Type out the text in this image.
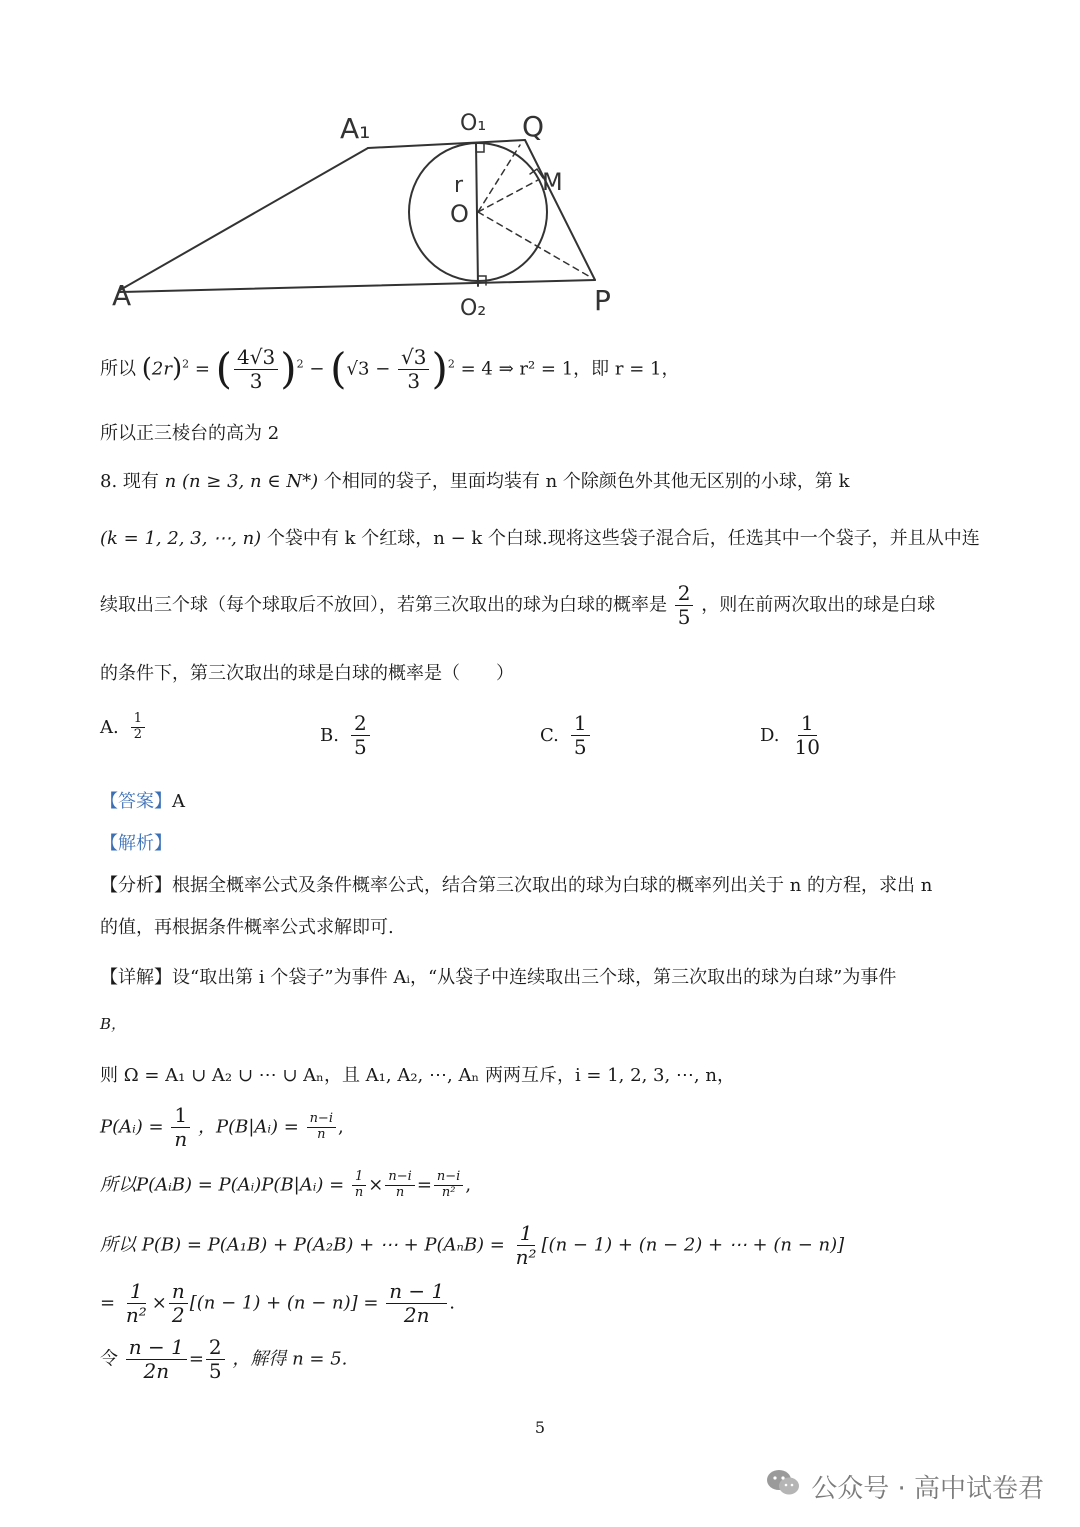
A
A₁	O₁ Q
M
r
O
O₂	P
所以 $(2r)^2$ = ( $\frac{4√3}{3} )^2 - (√3 - \frac{√3}{3} )^2 = 4$ ⇒ r² = 1，即 r = 1，
所以正三棱台的高为 2
8. 现有 n (n ≥ 3, n ∈ N*) 个相同的袋子，里面均装有 n 个除颜色外其他无区别的小球，第 k
(k = 1, 2, 3, ⋯, n) 个袋中有 k 个红球，n − k 个白球.现将这些袋子混合后，任选其中一个袋子，并且从中连
续取出三个球（每个球取后不放回），若第三次取出的球为白球的概率是 $\frac{2}{5}$ ，则在前两次取出的球是白球
的条件下，第三次取出的球是白球的概率是（　　）
A. $\frac{1}{2}$	B. $\frac{2}{5}$	C. $\frac{1}{5}$	D. $\frac{1}{10}$
【答案】A
【解析】
【分析】根据全概率公式及条件概率公式，结合第三次取出的球为白球的概率列出关于 n 的方程，求出 n
的值，再根据条件概率公式求解即可.
【详解】设“取出第 i 个袋子”为事件 Aᵢ，“从袋子中连续取出三个球，第三次取出的球为白球”为事件
B，
则 Ω = A₁ ∪ A₂ ∪ ⋯ ∪ Aₙ，且 A₁, A₂, ⋯, Aₙ 两两互斥，i = 1, 2, 3, ⋯, n，
P(Aᵢ) = $\frac{1}{n}$ ，P(B|Aᵢ) = $\frac{n-i}{n}$ ,
所以P(AᵢB) = P(Aᵢ)P(B|Aᵢ) = $\frac{1}{n} \times \frac{n-i}{n} = \frac{n-i}{\text{n²}}$ ,
所以 P(B) = P(A₁B) + P(A₂B) + ⋯ + $P(A_nB) = \frac{1}{\text{n²}} [(n - 1) + (n - 2)$ + ⋯ + (n − n)]
= $\frac{1}{\text{n²}} \times \frac{n}{2} [(n - 1) + (n - n)] = \frac{n - 1}{2n}$ .
令 $\frac{n - 1}{2n} = \frac{2}{5}$ ，解得 n = 5.
5
公众号 · 高中试卷君
